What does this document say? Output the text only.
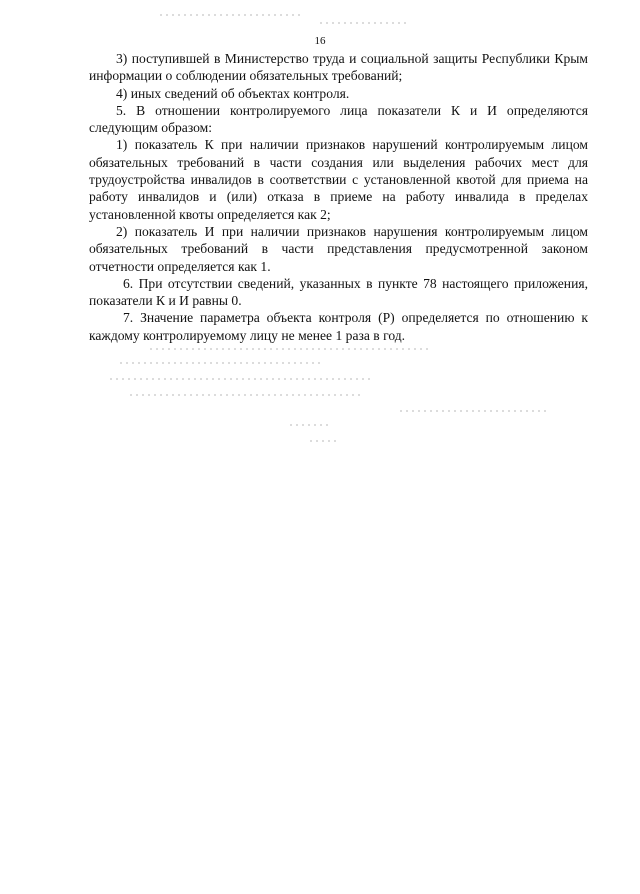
16

3) поступившей в Министерство труда и социальной защиты Республики Крым информации о соблюдении обязательных требований;

4) иных сведений об объектах контроля.

5. В отношении контролируемого лица показатели К и И определяются следующим образом:

1) показатель К при наличии признаков нарушений контролируемым лицом обязательных требований в части создания или выделения рабочих мест для трудоустройства инвалидов в соответствии с установленной квотой для приема на работу инвалидов и (или) отказа в приеме на работу инвалида в пределах установленной квоты определяется как 2;

2) показатель И при наличии признаков нарушения контролируемым лицом обязательных требований в части представления предусмотренной законом отчетности определяется как 1.

6. При отсутствии сведений, указанных в пункте 78 настоящего приложения, показатели К и И равны 0.

7. Значение параметра объекта контроля (Р) определяется по отношению к каждому контролируемому лицу не менее 1 раза в год.
